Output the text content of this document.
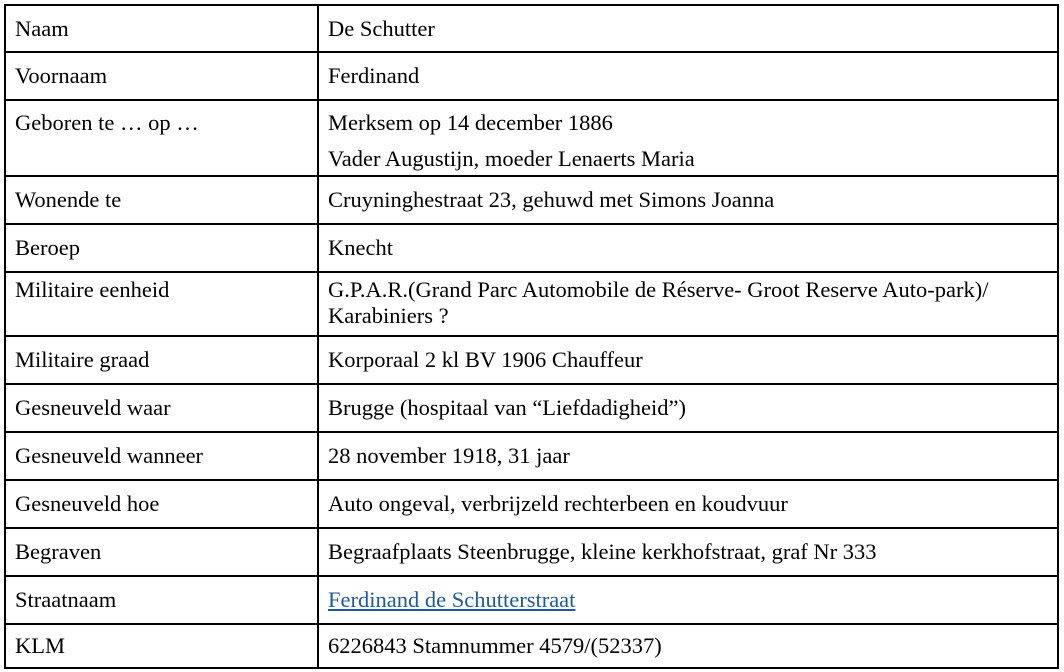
Naam	De Schutter
Voornaam	Ferdinand
Geboren te … op …	Merksem op 14 december 1886
Vader Augustijn, moeder Lenaerts Maria

Wonende te	Cruyninghestraat 23, gehuwd met Simons Joanna
Beroep	Knecht
Militaire eenheid	G.P.A.R.(Grand Parc Automobile de Réserve- Groot Reserve Auto-park)/ Karabiniers ?
Militaire graad	Korporaal 2 kl BV 1906 Chauffeur
Gesneuveld waar	Brugge (hospitaal van “Liefdadigheid”)
Gesneuveld wanneer	28 november 1918, 31 jaar
Gesneuveld hoe	Auto ongeval, verbrijzeld rechterbeen en koudvuur
Begraven	Begraafplaats Steenbrugge, kleine kerkhofstraat, graf Nr 333
Straatnaam	Ferdinand de Schutterstraat
KLM	6226843 Stamnummer 4579/(52337)
